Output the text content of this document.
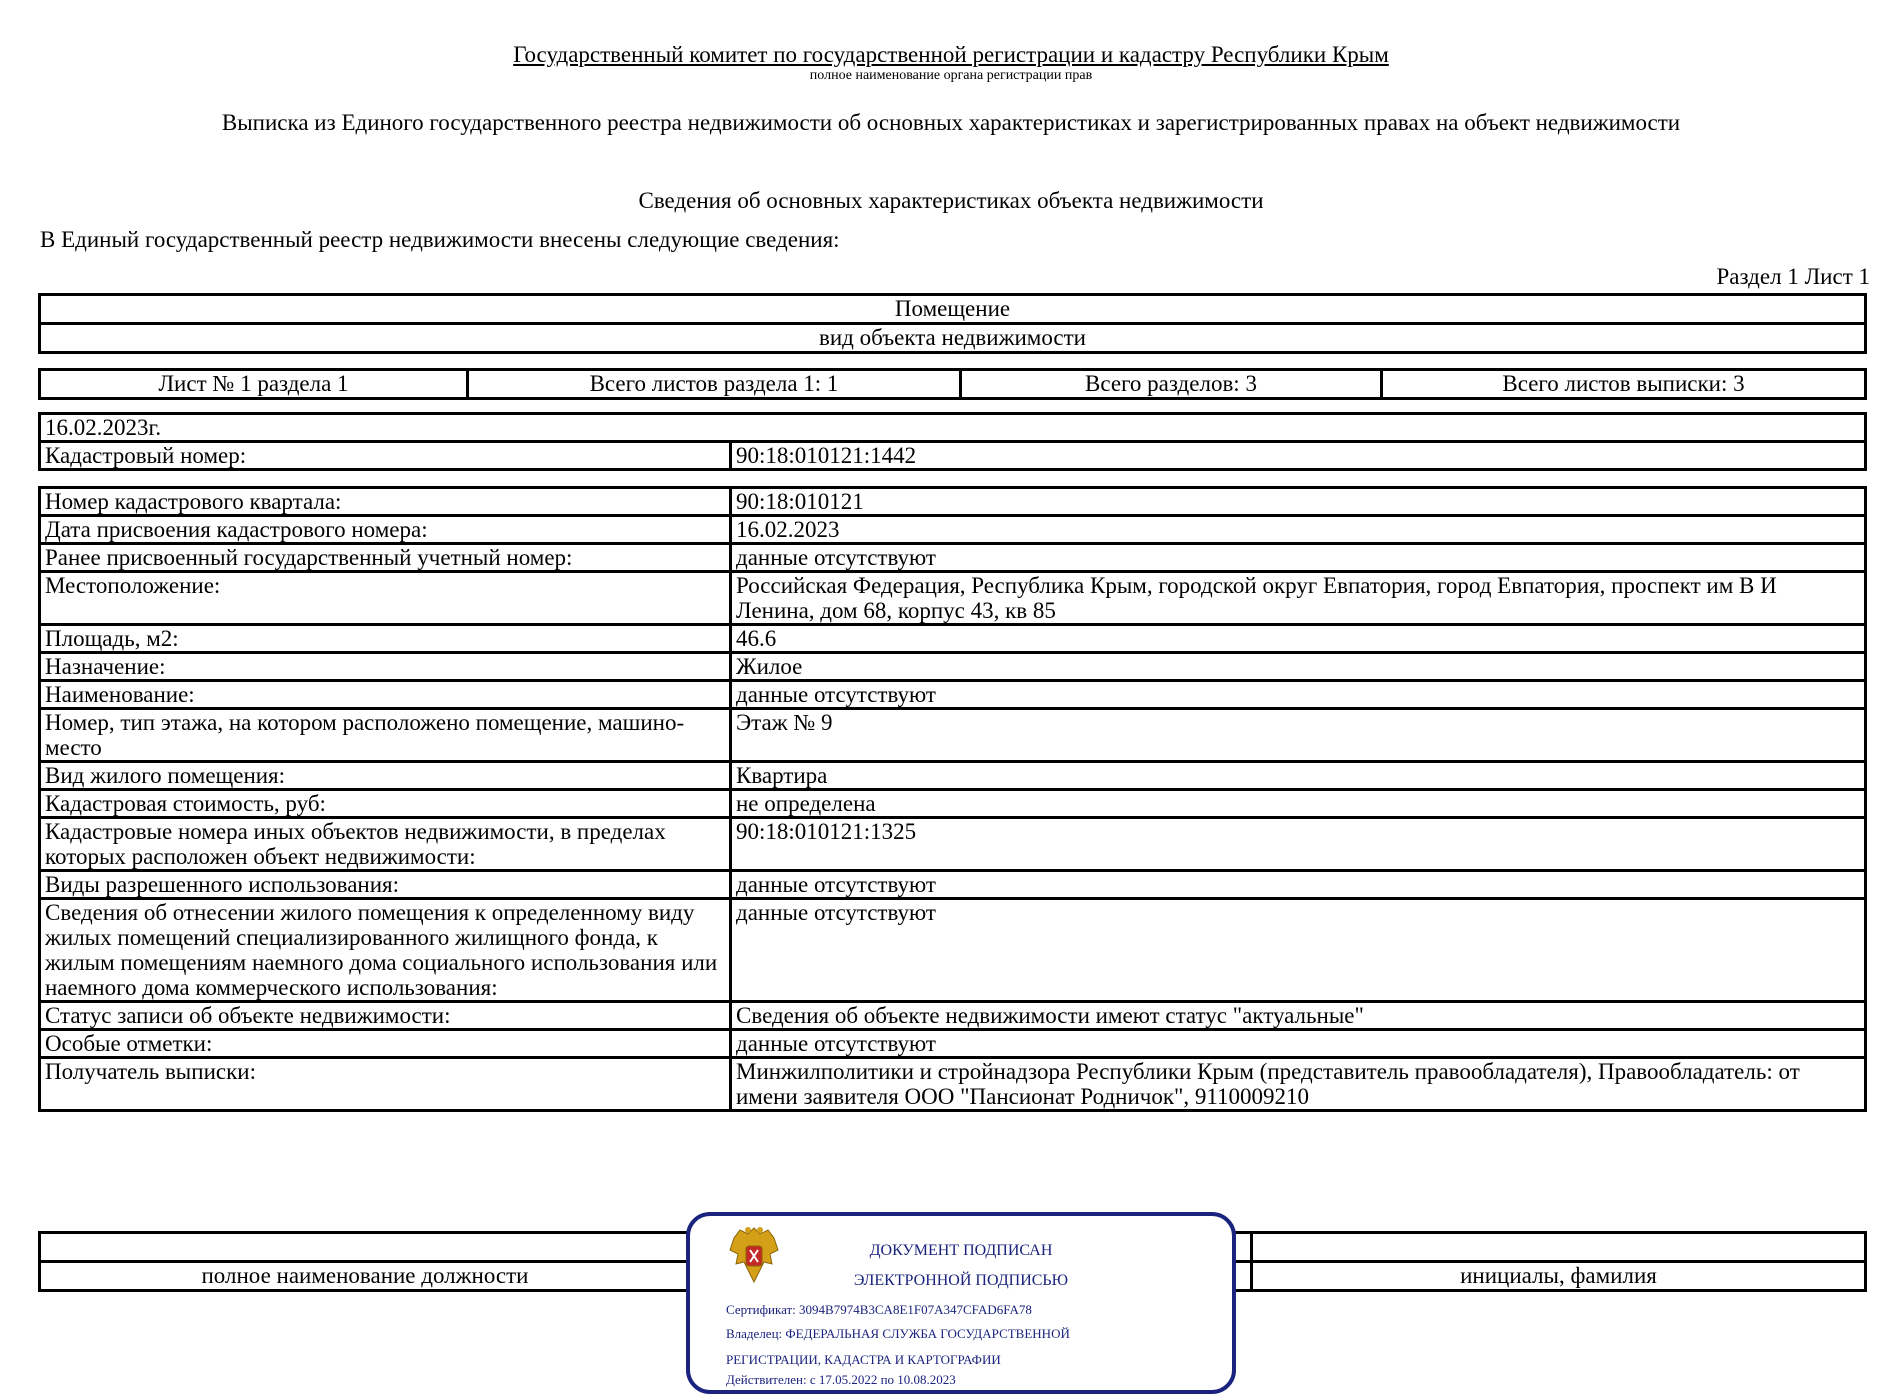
Государственный комитет по государственной регистрации и кадастру Республики Крым
полное наименование органа регистрации прав
Выписка из Единого государственного реестра недвижимости об основных характеристиках и зарегистрированных правах на объект недвижимости
Сведения об основных характеристиках объекта недвижимости
В Единый государственный реестр недвижимости внесены следующие сведения:
Раздел 1 Лист 1
Помещение
вид объекта недвижимости
Лист № 1 раздела 1	Всего листов раздела 1: 1	Всего разделов: 3	Всего листов выписки: 3
16.02.2023г.
Кадастровый номер:	90:18:010121:1442
Номер кадастрового квартала:	90:18:010121
Дата присвоения кадастрового номера:	16.02.2023
Ранее присвоенный государственный учетный номер:	данные отсутствуют
Местоположение:	Российская Федерация, Республика Крым, городской округ Евпатория, город Евпатория, проспект им В И Ленина, дом 68, корпус 43, кв 85
Площадь, м2:	46.6
Назначение:	Жилое
Наименование:	данные отсутствуют
Номер, тип этажа, на котором расположено помещение, машино-место	Этаж № 9
Вид жилого помещения:	Квартира
Кадастровая стоимость, руб:	не определена
Кадастровые номера иных объектов недвижимости, в пределах которых расположен объект недвижимости:	90:18:010121:1325
Виды разрешенного использования:	данные отсутствуют
Сведения об отнесении жилого помещения к определенному виду жилых помещений специализированного жилищного фонда, к жилым помещениям наемного дома социального использования или наемного дома коммерческого использования:	данные отсутствуют
Статус записи об объекте недвижимости:	Сведения об объекте недвижимости имеют статус "актуальные"
Особые отметки:	данные отсутствуют
Получатель выписки:	Минжилполитики и стройнадзора Республики Крым (представитель правообладателя), Правообладатель: от имени заявителя ООО "Пансионат Родничок", 9110009210

полное наименование должности		инициалы, фамилия
ДОКУМЕНТ ПОДПИСАН
ЭЛЕКТРОННОЙ ПОДПИСЬЮ
Сертификат: 3094B7974B3CA8E1F07A347CFAD6FA78
Владелец: ФЕДЕРАЛЬНАЯ СЛУЖБА ГОСУДАРСТВЕННОЙ
РЕГИСТРАЦИИ, КАДАСТРА И КАРТОГРАФИИ
Действителен: с 17.05.2022 по 10.08.2023
